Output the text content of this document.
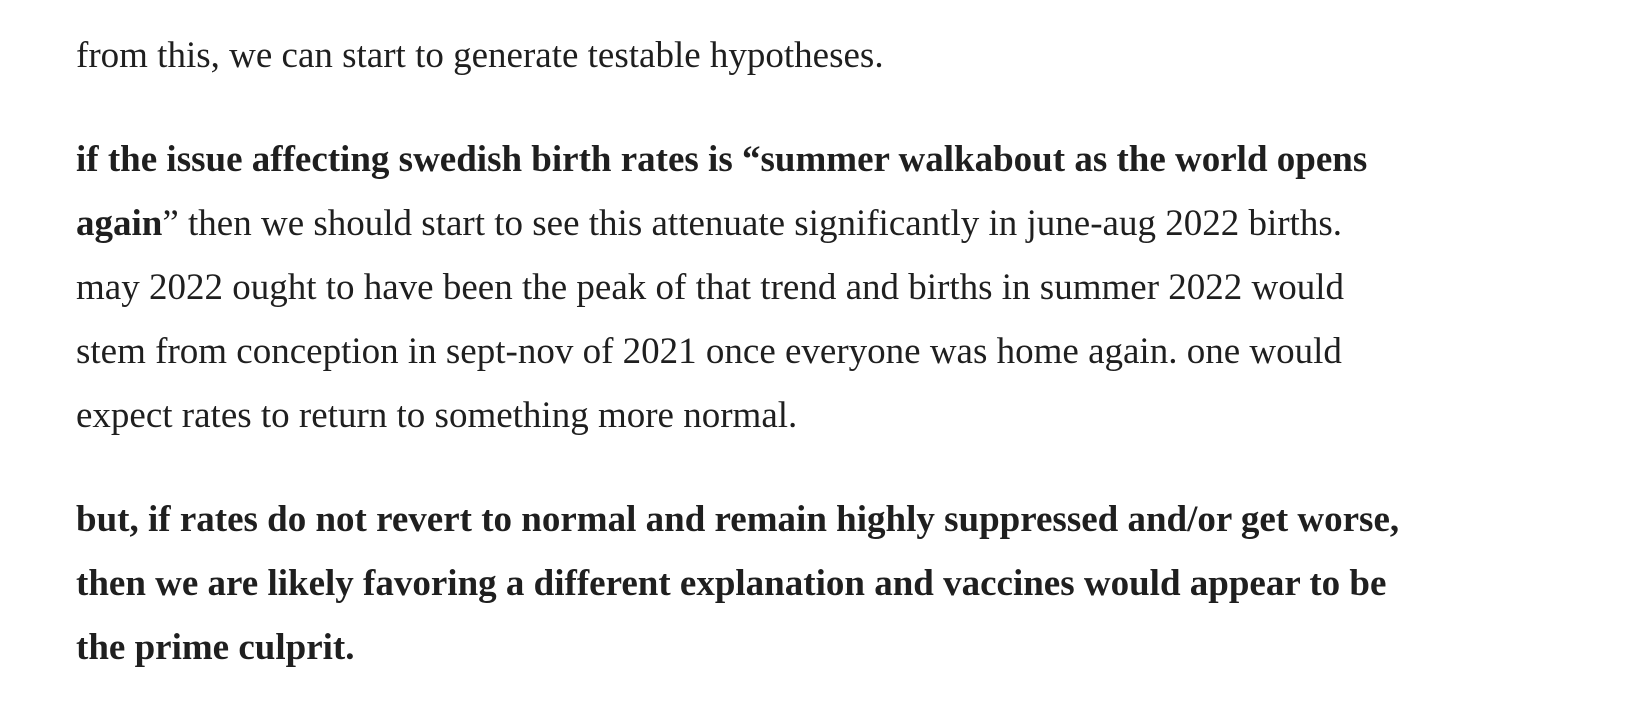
from this, we can start to generate testable hypotheses.

if the issue affecting swedish birth rates is “summer walkabout as the world opens
again” then we should start to see this attenuate significantly in june-aug 2022 births.
may 2022 ought to have been the peak of that trend and births in summer 2022 would
stem from conception in sept-nov of 2021 once everyone was home again. one would
expect rates to return to something more normal.

but, if rates do not revert to normal and remain highly suppressed and/or get worse,
then we are likely favoring a different explanation and vaccines would appear to be
the prime culprit.
